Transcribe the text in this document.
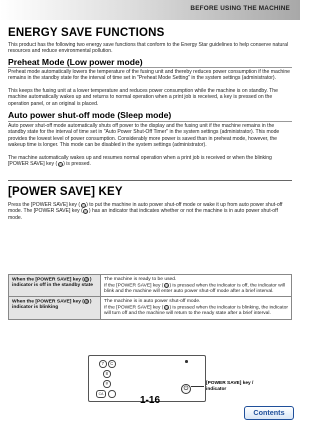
BEFORE USING THE MACHINE
ENERGY SAVE FUNCTIONS
This product has the following two energy save functions that conform to the Energy Star guidelines to help conserve natural resources and reduce environmental pollution.
Preheat Mode (Low power mode)
Preheat mode automatically lowers the temperature of the fusing unit and thereby reduces power consumption if the machine remains in the standby state for the interval of time set in "Preheat Mode Setting" in the system settings (administrator).
This keeps the fusing unit at a lower temperature and reduces power consumption while the machine is on standby. The machine automatically wakes up and returns to normal operation when a print job is received, a key is pressed on the operation panel, or an original is placed.
Auto power shut-off mode (Sleep mode)
Auto power shut-off mode automatically shuts off power to the display and the fusing unit if the machine remains in the standby state for the interval of time set in "Auto Power Shut-Off Timer" in the system settings (administrator). This mode provides the lowest level of power consumption. Considerably more power is saved than in preheat mode, however, the wakeup time is longer. This mode can be disabled in the system settings (administrator).
The machine automatically wakes up and resumes normal operation when a print job is received or when the blinking [POWER SAVE] key ( ⏻ ) is pressed.
[POWER SAVE] KEY
Press the [POWER SAVE] key ( ⏻ ) to put the machine in auto power shut-off mode or wake it up from auto power shut-off mode. The [POWER SAVE] key ( ⏻ ) has an indicator that indicates whether or not the machine is in auto power shut-off mode.
When the [POWER SAVE] key ( ⏻ ) indicator is off in the standby state	The machine is ready to be used.
If the [POWER SAVE] key ( ⏻ ) is pressed when the indicator is off, the indicator will blink and the machine will enter auto power shut-off mode after a brief interval.
When the [POWER SAVE] key ( ⏻ ) indicator is blinking	The machine is in auto power shut-off mode.
If the [POWER SAVE] key ( ⏻ ) is pressed when the indicator is blinking, the indicator will turn off and the machine will return to the ready state after a brief interval.
7	C
8
#
CA
⏻
[POWER SAVE] key / indicator
1-16
Contents
